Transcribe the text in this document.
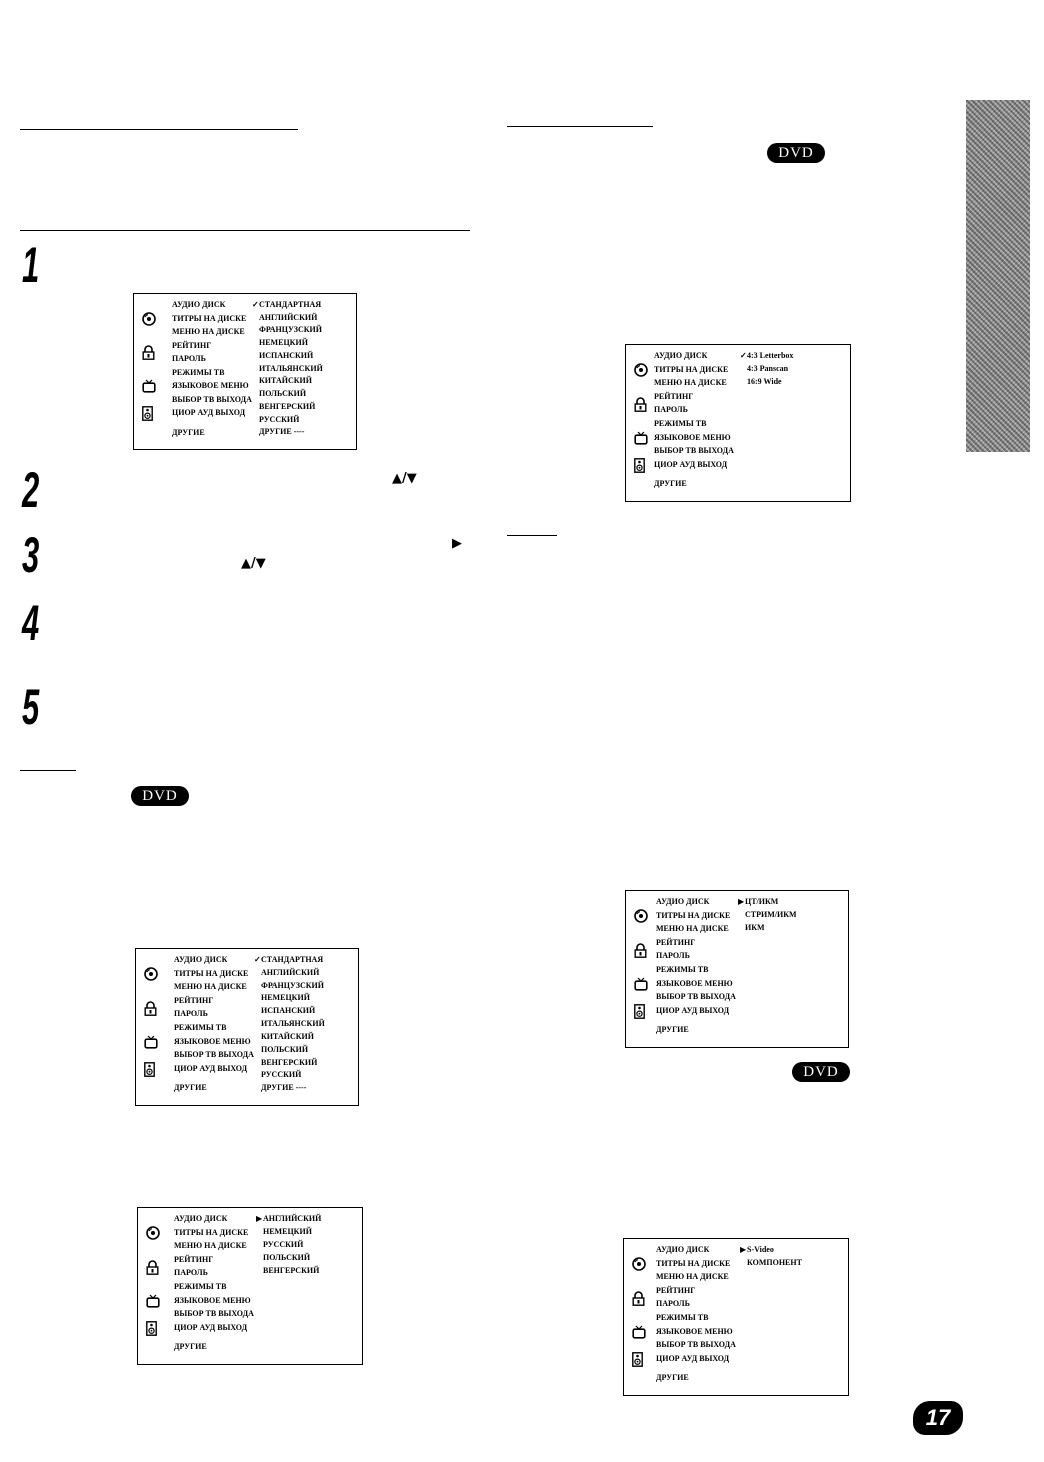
1
2
3
4
5
▲/▼
▶
▲/▼
DVD
DVD
DVD
17
АУДИО ДИСК
ТИТРЫ НА ДИСКЕ
МЕНЮ НА ДИСКЕ
РЕЙТИНГ
ПАРОЛЬ
РЕЖИМЫ ТВ
ЯЗЫКОВОЕ МЕНЮ
ВЫБОР ТВ ВЫХОДА
ЦИОР АУД ВЫХОД
ДРУГИЕ
✓СТАНДАРТНАЯ
АНГЛИЙСКИЙ
ФРАНЦУЗСКИЙ
НЕМЕЦКИЙ
ИСПАНСКИЙ
ИТАЛЬЯНСКИЙ
КИТАЙСКИЙ
ПОЛЬСКИЙ
ВЕНГЕРСКИЙ
РУССКИЙ
ДРУГИЕ ----
АУДИО ДИСК
ТИТРЫ НА ДИСКЕ
МЕНЮ НА ДИСКЕ
РЕЙТИНГ
ПАРОЛЬ
РЕЖИМЫ ТВ
ЯЗЫКОВОЕ МЕНЮ
ВЫБОР ТВ ВЫХОДА
ЦИОР АУД ВЫХОД
ДРУГИЕ
✓СТАНДАРТНАЯ
АНГЛИЙСКИЙ
ФРАНЦУЗСКИЙ
НЕМЕЦКИЙ
ИСПАНСКИЙ
ИТАЛЬЯНСКИЙ
КИТАЙСКИЙ
ПОЛЬСКИЙ
ВЕНГЕРСКИЙ
РУССКИЙ
ДРУГИЕ ----
АУДИО ДИСК
ТИТРЫ НА ДИСКЕ
МЕНЮ НА ДИСКЕ
РЕЙТИНГ
ПАРОЛЬ
РЕЖИМЫ ТВ
ЯЗЫКОВОЕ МЕНЮ
ВЫБОР ТВ ВЫХОДА
ЦИОР АУД ВЫХОД
ДРУГИЕ
▶АНГЛИЙСКИЙ
НЕМЕЦКИЙ
РУССКИЙ
ПОЛЬСКИЙ
ВЕНГЕРСКИЙ
АУДИО ДИСК
ТИТРЫ НА ДИСКЕ
МЕНЮ НА ДИСКЕ
РЕЙТИНГ
ПАРОЛЬ
РЕЖИМЫ ТВ
ЯЗЫКОВОЕ МЕНЮ
ВЫБОР ТВ ВЫХОДА
ЦИОР АУД ВЫХОД
ДРУГИЕ
✓4:3 Letterbox
4:3 Panscan
16:9 Wide
АУДИО ДИСК
ТИТРЫ НА ДИСКЕ
МЕНЮ НА ДИСКЕ
РЕЙТИНГ
ПАРОЛЬ
РЕЖИМЫ ТВ
ЯЗЫКОВОЕ МЕНЮ
ВЫБОР ТВ ВЫХОДА
ЦИОР АУД ВЫХОД
ДРУГИЕ
▶ЦТ/ИКМ
СТРИМ/ИКМ
ИКМ
АУДИО ДИСК
ТИТРЫ НА ДИСКЕ
МЕНЮ НА ДИСКЕ
РЕЙТИНГ
ПАРОЛЬ
РЕЖИМЫ ТВ
ЯЗЫКОВОЕ МЕНЮ
ВЫБОР ТВ ВЫХОДА
ЦИОР АУД ВЫХОД
ДРУГИЕ
▶S-Video
КОМПОНЕНТ
